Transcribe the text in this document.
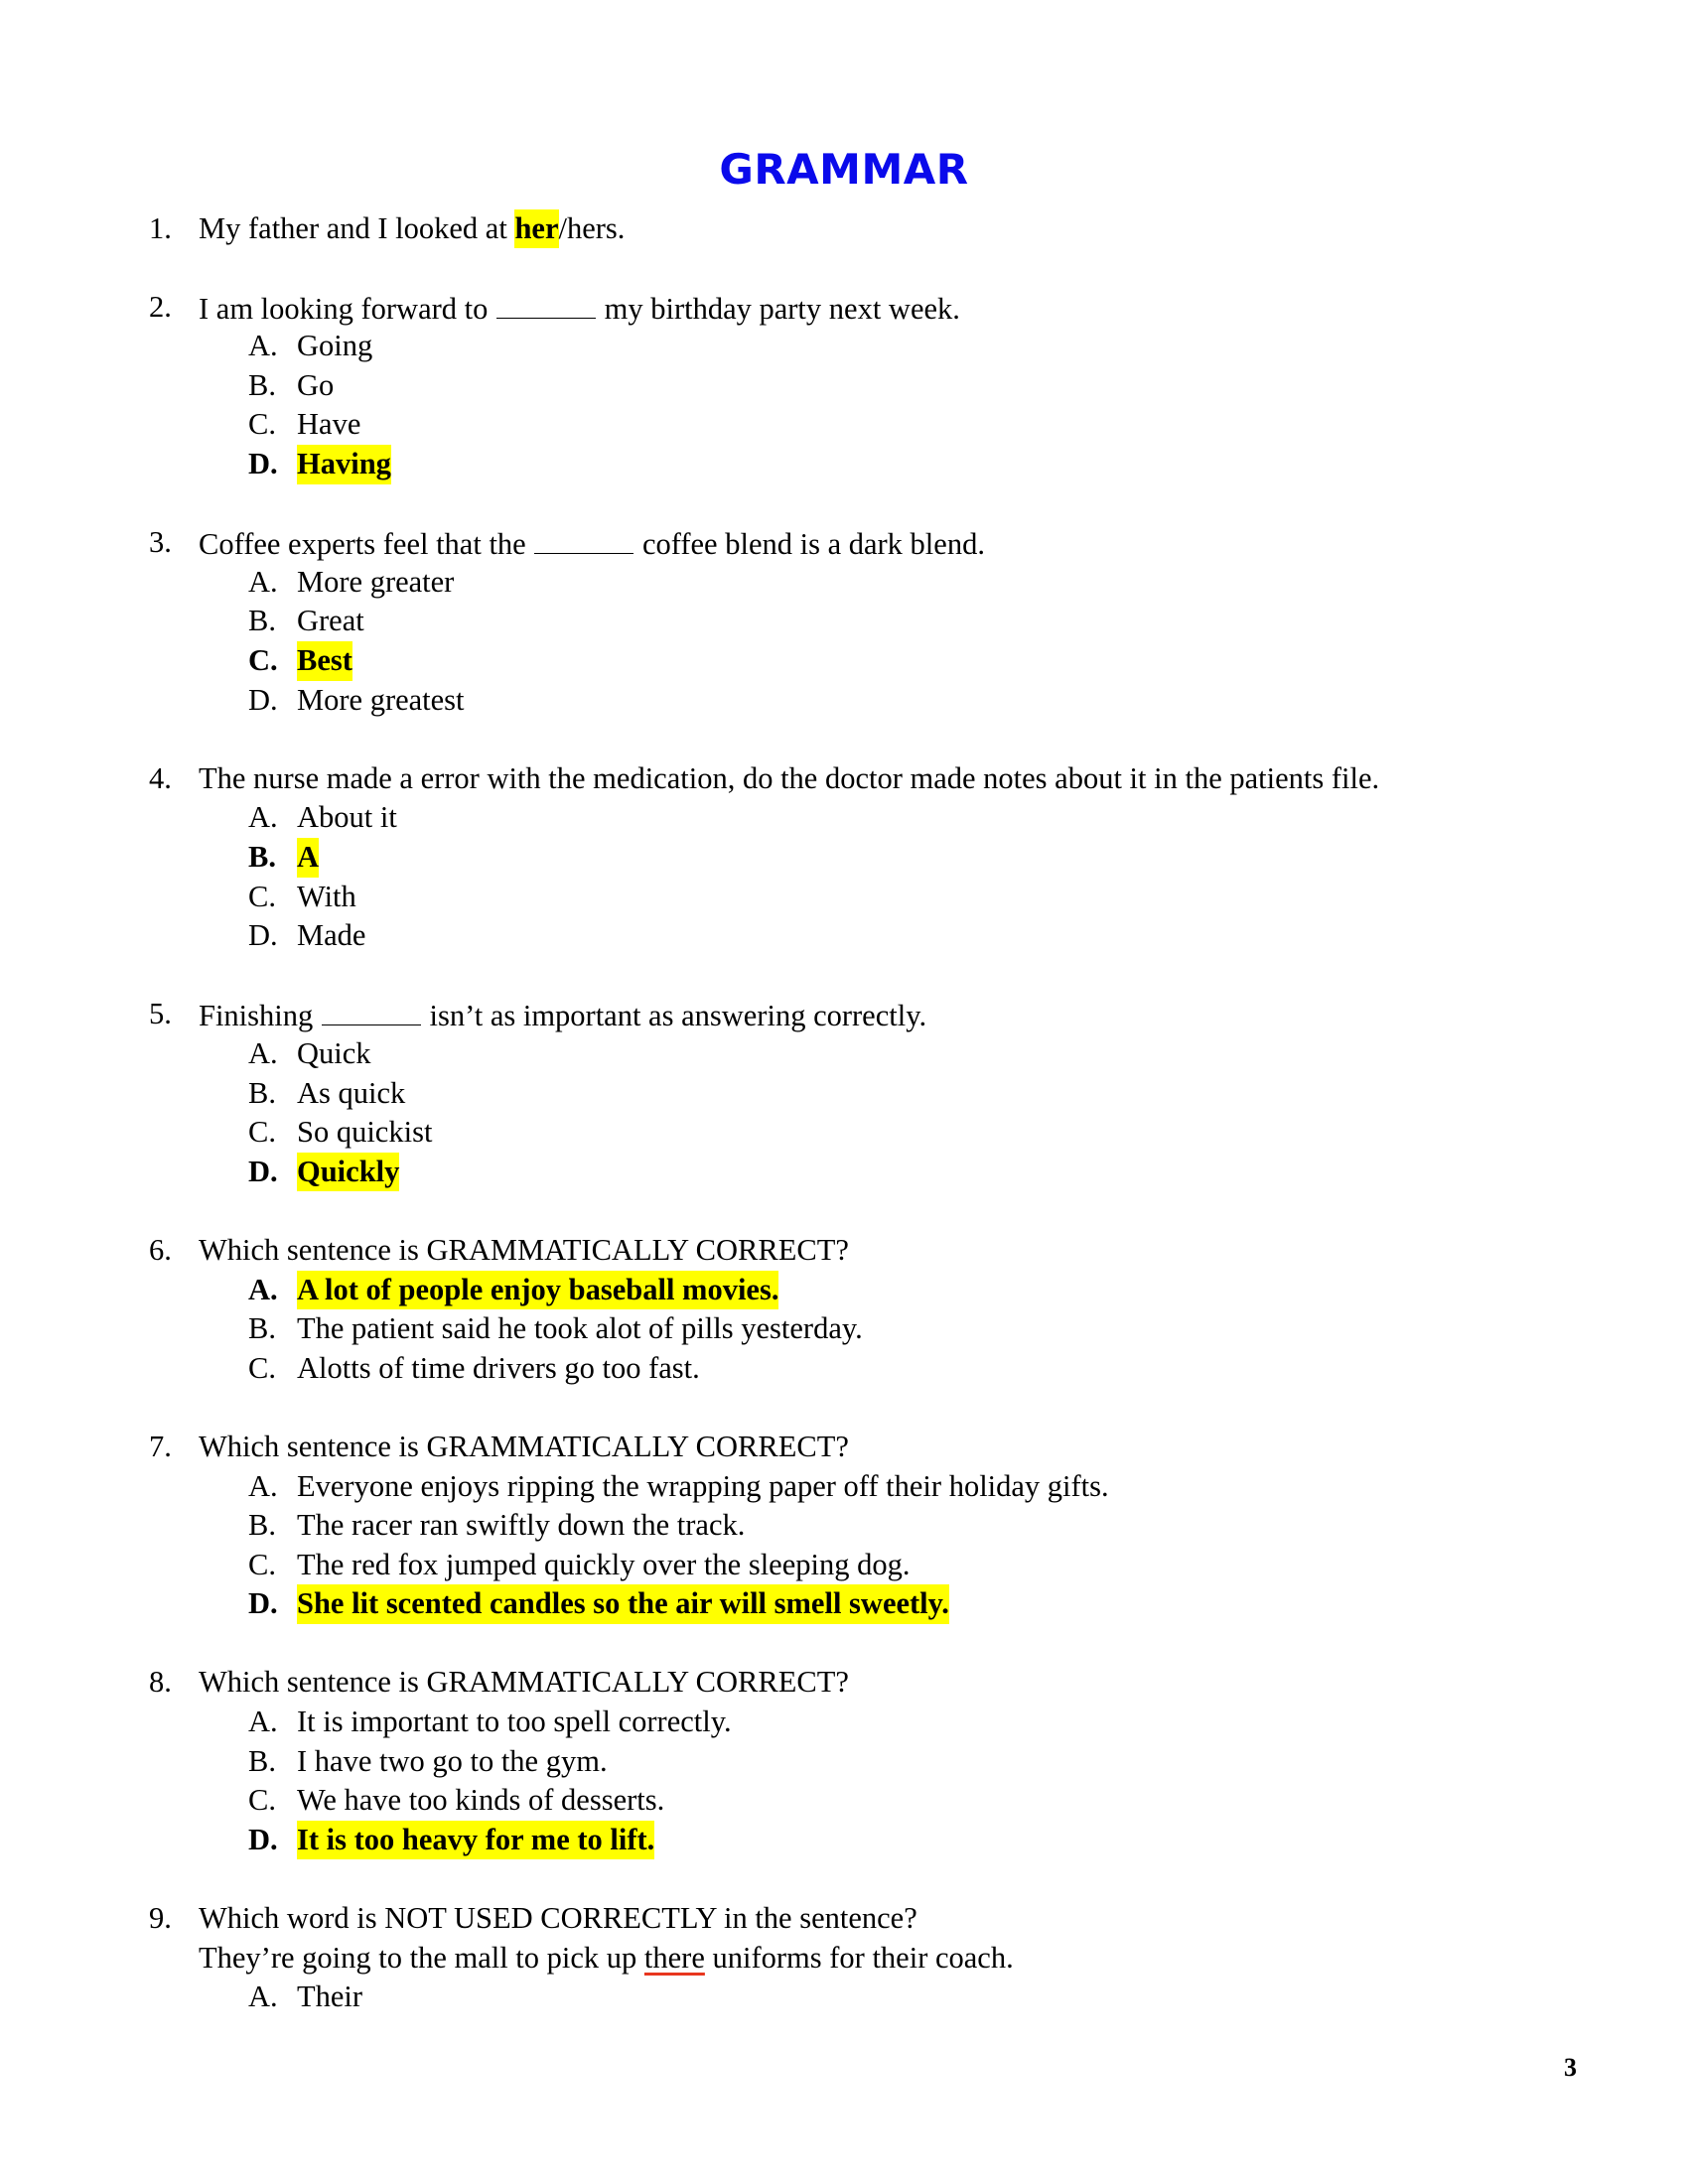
GRAMMAR
1. My father and I looked at her/hers.
2. I am looking forward to	my birthday party next week.
A. Going
B. Go
C. Have
D. Having
3. Coffee experts feel that the	coffee blend is a dark blend.
A. More greater
B. Great
C. Best
D. More greatest
4. The nurse made a error with the medication, do the doctor made notes about it in the patients file.
A. About it
B. A
C. With
D. Made
5. Finishing	isn’t as important as answering correctly.
A. Quick
B. As quick
C. So quickist
D. Quickly
6. Which sentence is GRAMMATICALLY CORRECT?
A. A lot of people enjoy baseball movies.
B. The patient said he took alot of pills yesterday.
C. Alotts of time drivers go too fast.
7. Which sentence is GRAMMATICALLY CORRECT?
A. Everyone enjoys ripping the wrapping paper off their holiday gifts.
B. The racer ran swiftly down the track.
C. The red fox jumped quickly over the sleeping dog.
D. She lit scented candles so the air will smell sweetly.
8. Which sentence is GRAMMATICALLY CORRECT?
A. It is important to too spell correctly.
B. I have two go to the gym.
C. We have too kinds of desserts.
D. It is too heavy for me to lift.
9. Which word is NOT USED CORRECTLY in the sentence?
They’re going to the mall to pick up there uniforms for their coach.
A. Their
3
